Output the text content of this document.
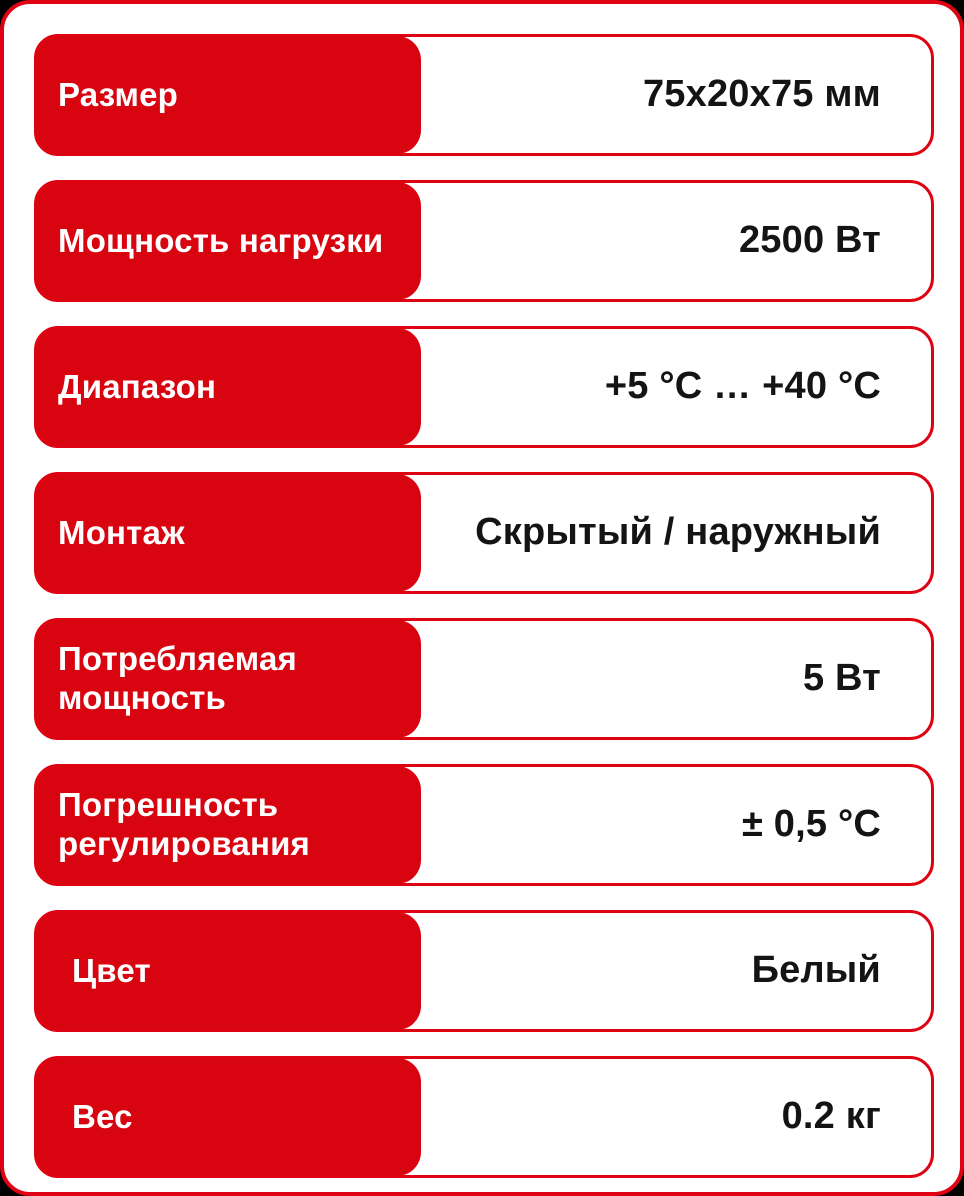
Размер	75х20х75 мм
Мощность нагрузки	2500 Вт
Диапазон	+5 °C … +40 °C
Монтаж	Скрытый / наружный
Потребляемая мощность	5 Вт
Погрешность регулирования	± 0,5 °C
Цвет	Белый
Вес	0.2 кг
